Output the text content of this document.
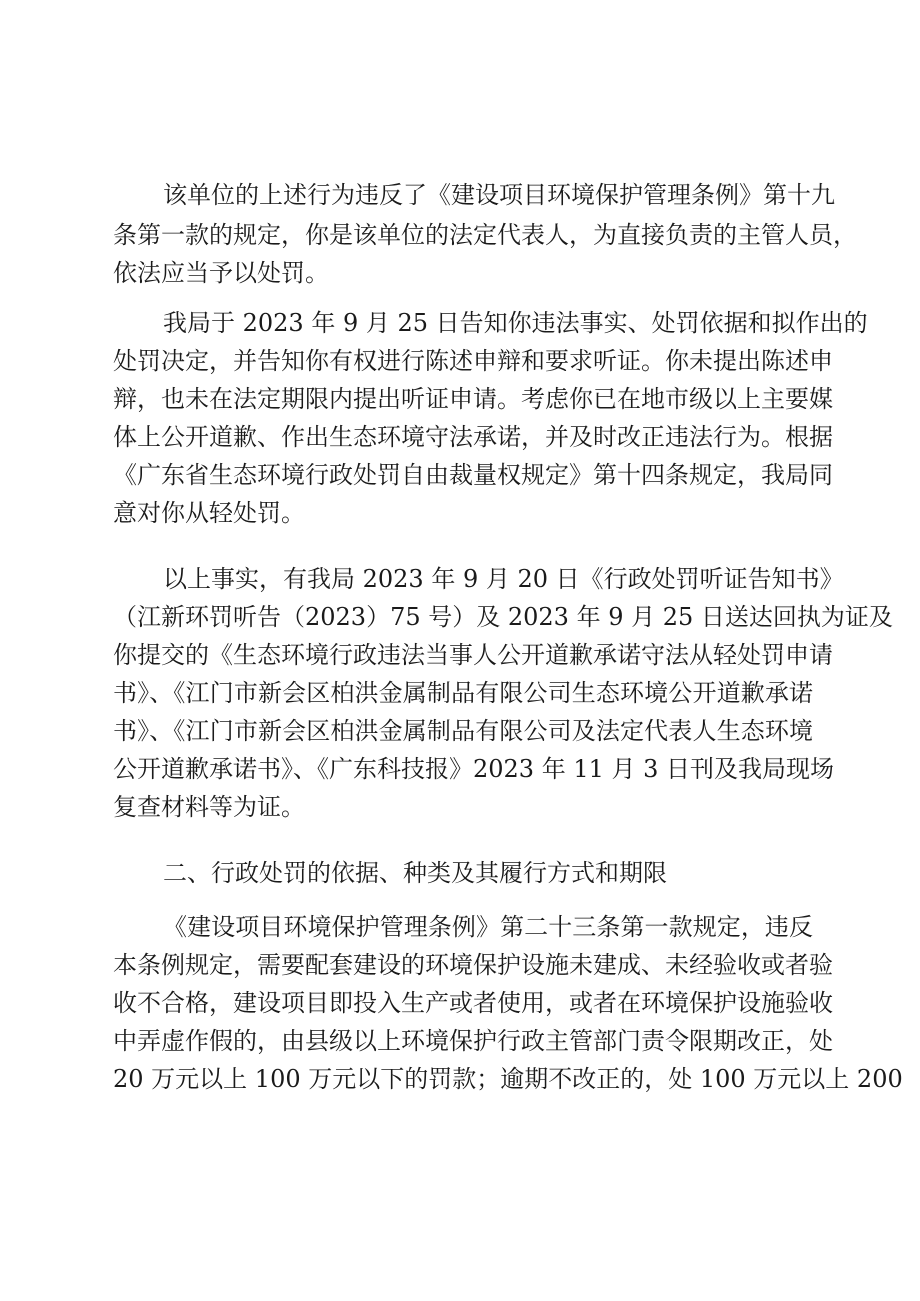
该单位的上述行为违反了《建设项目环境保护管理条例》第十九
条第一款的规定，你是该单位的法定代表人，为直接负责的主管人员，
依法应当予以处罚。
我局于 2023 年 9 月 25 日告知你违法事实、处罚依据和拟作出的
处罚决定，并告知你有权进行陈述申辩和要求听证。你未提出陈述申
辩，也未在法定期限内提出听证申请。考虑你已在地市级以上主要媒
体上公开道歉、作出生态环境守法承诺，并及时改正违法行为。根据
《广东省生态环境行政处罚自由裁量权规定》第十四条规定，我局同
意对你从轻处罚。
以上事实，有我局 2023 年 9 月 20 日《行政处罚听证告知书》
（江新环罚听告（2023）75 号）及 2023 年 9 月 25 日送达回执为证及
你提交的《生态环境行政违法当事人公开道歉承诺守法从轻处罚申请
书》、《江门市新会区柏洪金属制品有限公司生态环境公开道歉承诺
书》、《江门市新会区柏洪金属制品有限公司及法定代表人生态环境
公开道歉承诺书》、《广东科技报》2023 年 11 月 3 日刊及我局现场
复查材料等为证。
二、行政处罚的依据、种类及其履行方式和期限
《建设项目环境保护管理条例》第二十三条第一款规定，违反
本条例规定，需要配套建设的环境保护设施未建成、未经验收或者验
收不合格，建设项目即投入生产或者使用，或者在环境保护设施验收
中弄虚作假的，由县级以上环境保护行政主管部门责令限期改正，处
20 万元以上 100 万元以下的罚款；逾期不改正的，处 100 万元以上 200
